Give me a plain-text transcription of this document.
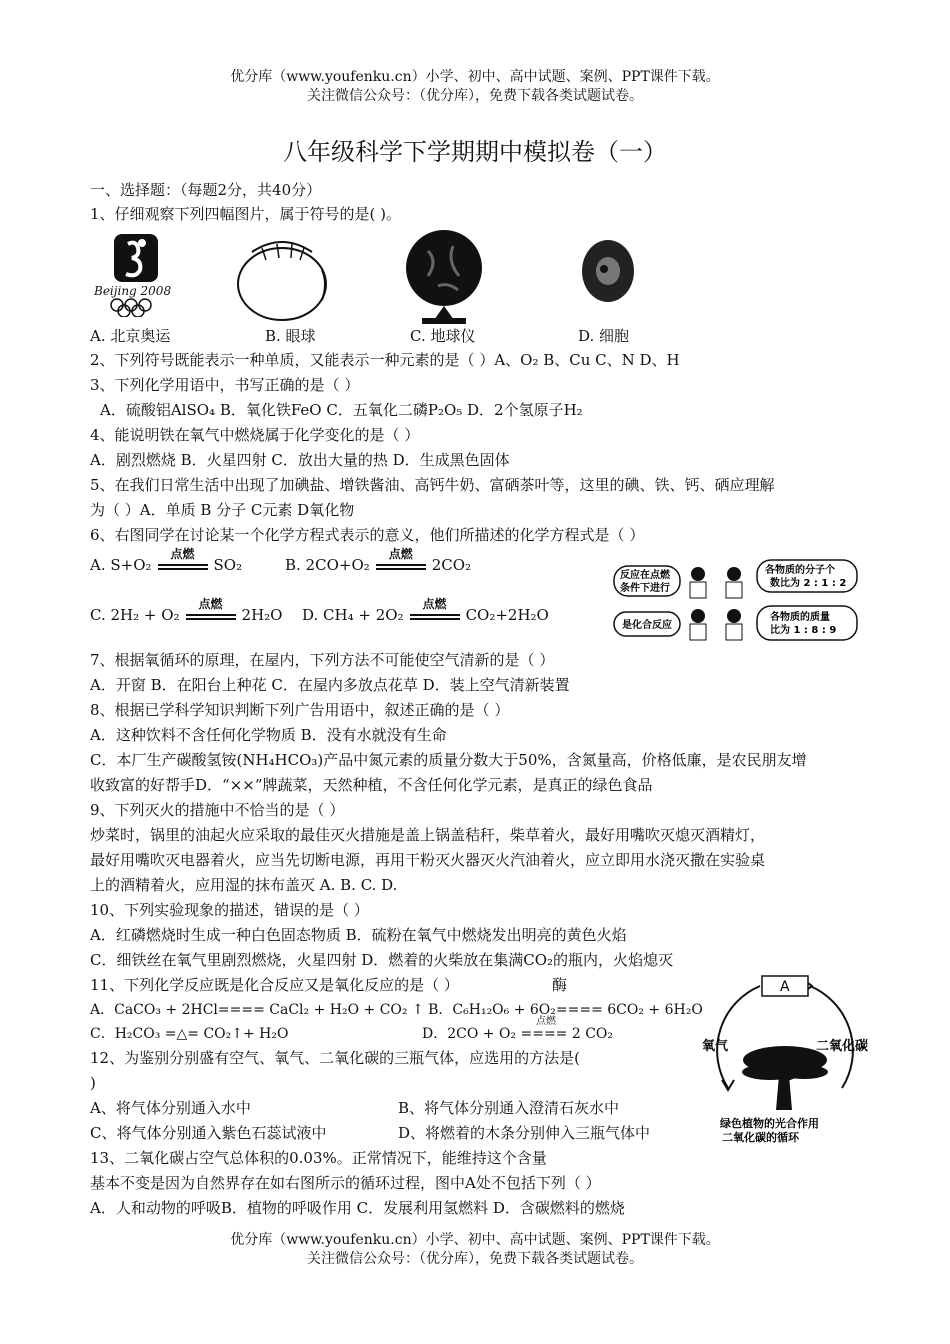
优分库（www.youfenku.cn）小学、初中、高中试题、案例、PPT课件下载。
关注微信公众号：（优分库），免费下载各类试题试卷。
八年级科学下学期期中模拟卷（一）
一、选择题：（每题2分，共40分）
1、仔细观察下列四幅图片，属于符号的是( )。
Beijing 2008
A. 北京奥运	B. 眼球	C. 地球仪	D. 细胞
2、下列符号既能表示一种单质，又能表示一种元素的是（ ）A、O₂ B、Cu C、N D、H
3、下列化学用语中，书写正确的是（ ）
A．硫酸铝AlSO₄ B．氧化铁FeO C．五氧化二磷P₂O₅ D．2个氢原子H₂
4、能说明铁在氧气中燃烧属于化学变化的是（ ）
A．剧烈燃烧 B．火星四射 C．放出大量的热 D．生成黑色固体
5、在我们日常生活中出现了加碘盐、增铁酱油、高钙牛奶、富硒茶叶等，这里的碘、铁、钙、硒应理解
为（ ）A．单质 B 分子 C元素 D氧化物
6、右图同学在讨论某一个化学方程式表示的意义，他们所描述的化学方程式是（ ）
A. S+O₂
点燃
SO₂	B. 2CO+O₂
点燃
2CO₂
C. 2H₂ + O₂
点燃
2H₂O D. CH₄ + 2O₂
点燃
CO₂+2H₂O
反应在点燃
条件下进行
各物质的分子个
数比为 2 : 1 : 2
是化合反应
各物质的质量
比为 1 : 8 : 9
7、根据氧循环的原理，在屋内，下列方法不可能使空气清新的是（ ）
A．开窗 B．在阳台上种花 C．在屋内多放点花草 D．装上空气清新装置
8、根据已学科学知识判断下列广告用语中，叙述正确的是（ ）
A．这种饮料不含任何化学物质 B．没有水就没有生命
C．本厂生产碳酸氢铵(NH₄HCO₃)产品中氮元素的质量分数大于50%，含氮量高，价格低廉，是农民朋友增
收致富的好帮手D．“××”牌蔬菜，天然种植，不含任何化学元素，是真正的绿色食品
9、下列灭火的措施中不恰当的是（ ）
炒菜时，锅里的油起火应采取的最佳灭火措施是盖上锅盖秸秆，柴草着火，最好用嘴吹灭熄灭酒精灯，
最好用嘴吹灭电器着火，应当先切断电源，再用干粉灭火器灭火汽油着火，应立即用水浇灭撒在实验桌
上的酒精着火，应用湿的抹布盖灭 A. B. C. D.
10、下列实验现象的描述，错误的是（ ）
A．红磷燃烧时生成一种白色固态物质 B．硫粉在氧气中燃烧发出明亮的黄色火焰
C．细铁丝在氧气里剧烈燃烧，火星四射 D．燃着的火柴放在集满CO₂的瓶内，火焰熄灭
11、下列化学反应既是化合反应又是氧化反应的是（ ）	酶
A．CaCO₃ + 2HCl==== CaCl₂ + H₂O + CO₂ ↑ B．C₆H₁₂O₆ + 6O₂==== 6CO₂ + 6H₂O
点燃
C．H₂CO₃ =△= CO₂↑+ H₂O	D．2CO + O₂ ==== 2 CO₂
12、为鉴别分别盛有空气、氧气、二氧化碳的三瓶气体，应选用的方法是(
)
A、将气体分别通入水中	B、将气体分别通入澄清石灰水中
C、将气体分别通入紫色石蕊试液中	D、将燃着的木条分别伸入三瓶气体中
13、二氧化碳占空气总体积的0.03%。正常情况下，能维持这个含量
基本不变是因为自然界存在如右图所示的循环过程，图中A处不包括下列（ ）
A．人和动物的呼吸B．植物的呼吸作用 C．发展利用氢燃料 D．含碳燃料的燃烧
A
氧气	二氧化碳
绿色植物的光合作用
二氧化碳的循环
优分库（www.youfenku.cn）小学、初中、高中试题、案例、PPT课件下载。
关注微信公众号：（优分库），免费下载各类试题试卷。
